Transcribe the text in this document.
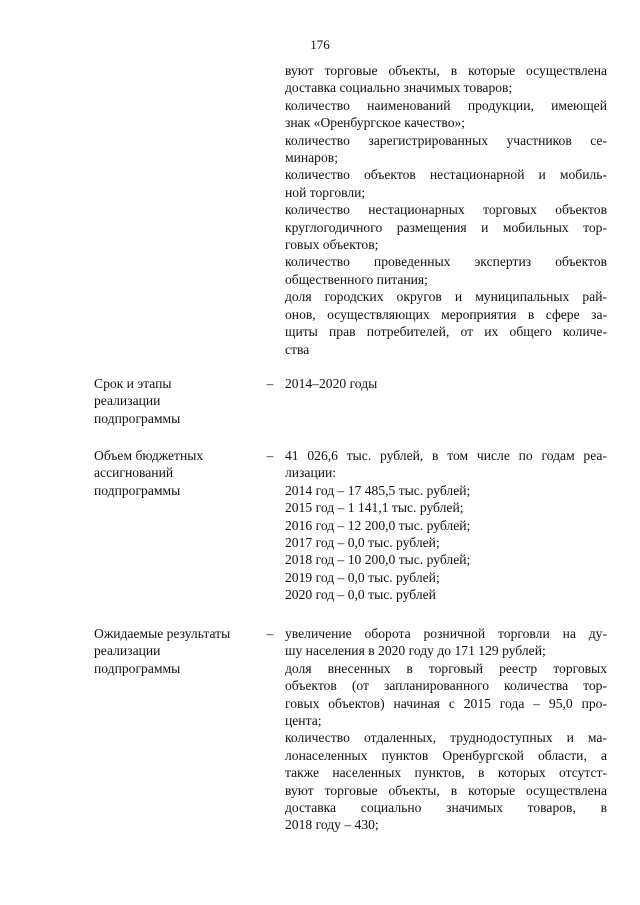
176
вуют торговые объекты, в которые осуществлена
доставка социально значимых товаров;
количество наименований продукции, имеющей
знак «Оренбургское качество»;
количество зарегистрированных участников се-
минаров;
количество объектов нестационарной и мобиль-
ной торговли;
количество нестационарных торговых объектов
круглогодичного размещения и мобильных тор-
говых объектов;
количество проведенных экспертиз объектов
общественного питания;
доля городских округов и муниципальных рай-
онов, осуществляющих мероприятия в сфере за-
щиты прав потребителей, от их общего количе-
ства
Срок и этапы
реализации
подпрограммы
– 2014–2020 годы
Объем бюджетных
ассигнований
подпрограммы
– 41 026,6 тыс. рублей, в том числе по годам реа-
лизации:
2014 год – 17 485,5 тыс. рублей;
2015 год – 1 141,1 тыс. рублей;
2016 год – 12 200,0 тыс. рублей;
2017 год – 0,0 тыс. рублей;
2018 год – 10 200,0 тыс. рублей;
2019 год – 0,0 тыс. рублей;
2020 год – 0,0 тыс. рублей
Ожидаемые результаты
реализации
подпрограммы
– увеличение оборота розничной торговли на ду-
шу населения в 2020 году до 171 129 рублей;
доля внесенных в торговый реестр торговых
объектов (от запланированного количества тор-
говых объектов) начиная с 2015 года – 95,0 про-
цента;
количество отдаленных, труднодоступных и ма-
лонаселенных пунктов Оренбургской области, а
также населенных пунктов, в которых отсутст-
вуют торговые объекты, в которые осуществлена
доставка социально значимых товаров, в
2018 году – 430;
